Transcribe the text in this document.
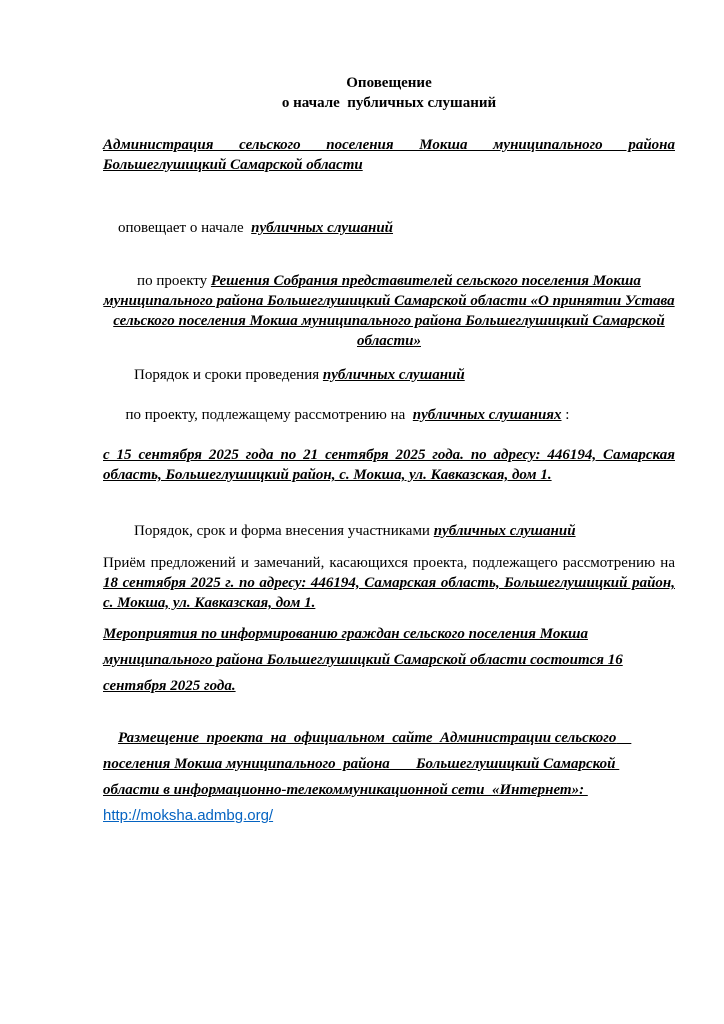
Оповещение
о начале  публичных слушаний
Администрация сельского поселения Мокша муниципального района Большеглушицкий Самарской области

оповещает о начале  публичных слушаний

по проекту Решения Собрания представителей сельского поселения Мокша муниципального района Большеглушицкий Самарской области «О принятии Устава сельского поселения Мокша муниципального района Большеглушицкий Самарской области»
Порядок и сроки проведения публичных слушаний

по проекту, подлежащему рассмотрению на  публичных слушаниях :

с 15 сентября 2025 года по 21 сентября 2025 года. по адресу: 446194, Самарская область, Большеглушицкий район, с. Мокша, ул. Кавказская, дом 1.
Порядок, срок и форма внесения участниками публичных слушаний
Приём предложений и замечаний, касающихся проекта, подлежащего рассмотрению на 18 сентября 2025 г. по адресу: 446194, Самарская область, Большеглушицкий район, с. Мокша, ул. Кавказская, дом 1.
Мероприятия по информированию граждан сельского поселения Мокша муниципального района Большеглушицкий Самарской области состоится 16 сентября 2025 года.

Размещение  проекта  на  официальном  сайте  Администрации сельского    поселения Мокша муниципального  района       Большеглушицкий Самарской области в информационно-телекоммуникационной сети  «Интернет»: http://moksha.admbg.org/
